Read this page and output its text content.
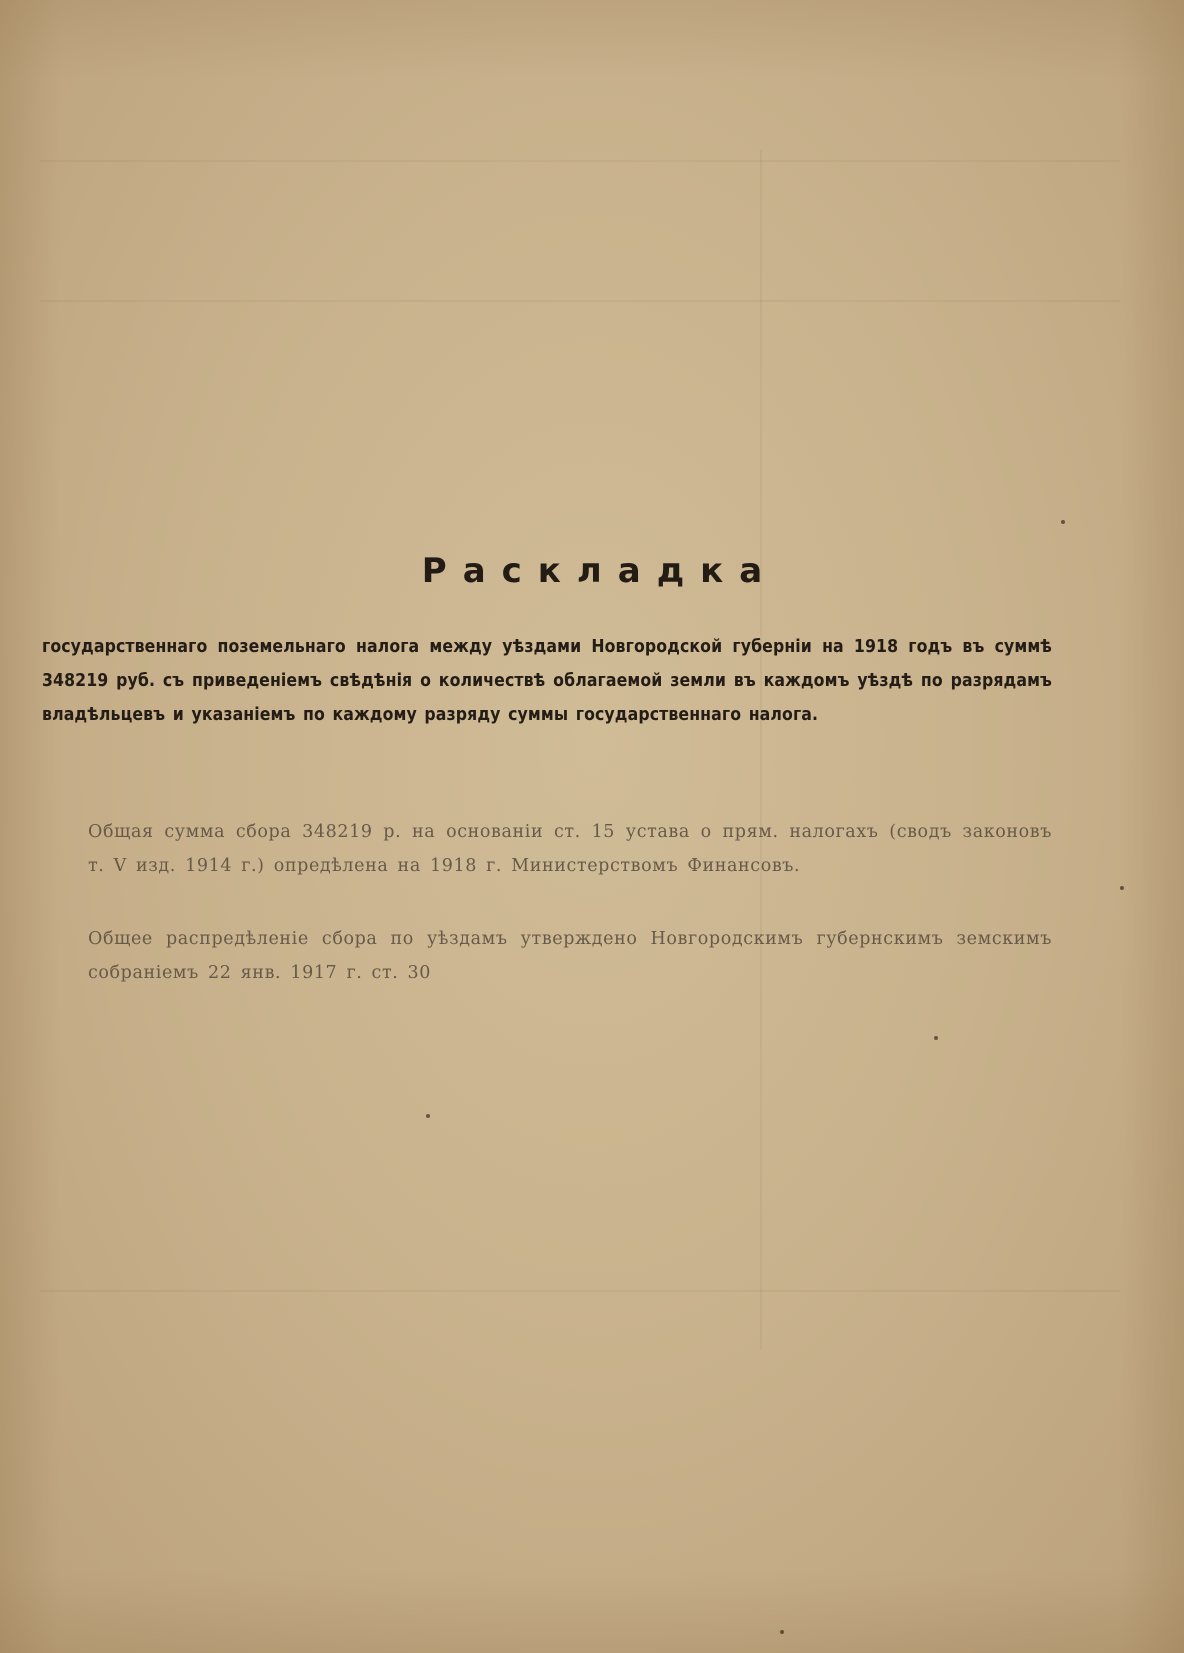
Раскладка

государственнаго поземельнаго налога между уѣздами Новгородской губерніи на 1918 годъ въ суммѣ 348219 руб. съ приведеніемъ свѣдѣнія о количествѣ облагаемой земли въ каждомъ уѣздѣ по разрядамъ владѣльцевъ и указаніемъ по каждому разряду суммы государственнаго налога.

Общая сумма сбора 348219 р. на основаніи ст. 15 устава о прям. налогахъ (сводъ законовъ т. V изд. 1914 г.) опредѣлена на 1918 г. Министерствомъ Финансовъ.

Общее распредѣленіе сбора по уѣздамъ утверждено Новгородскимъ губернскимъ земскимъ собраніемъ 22 янв. 1917 г. ст. 30
